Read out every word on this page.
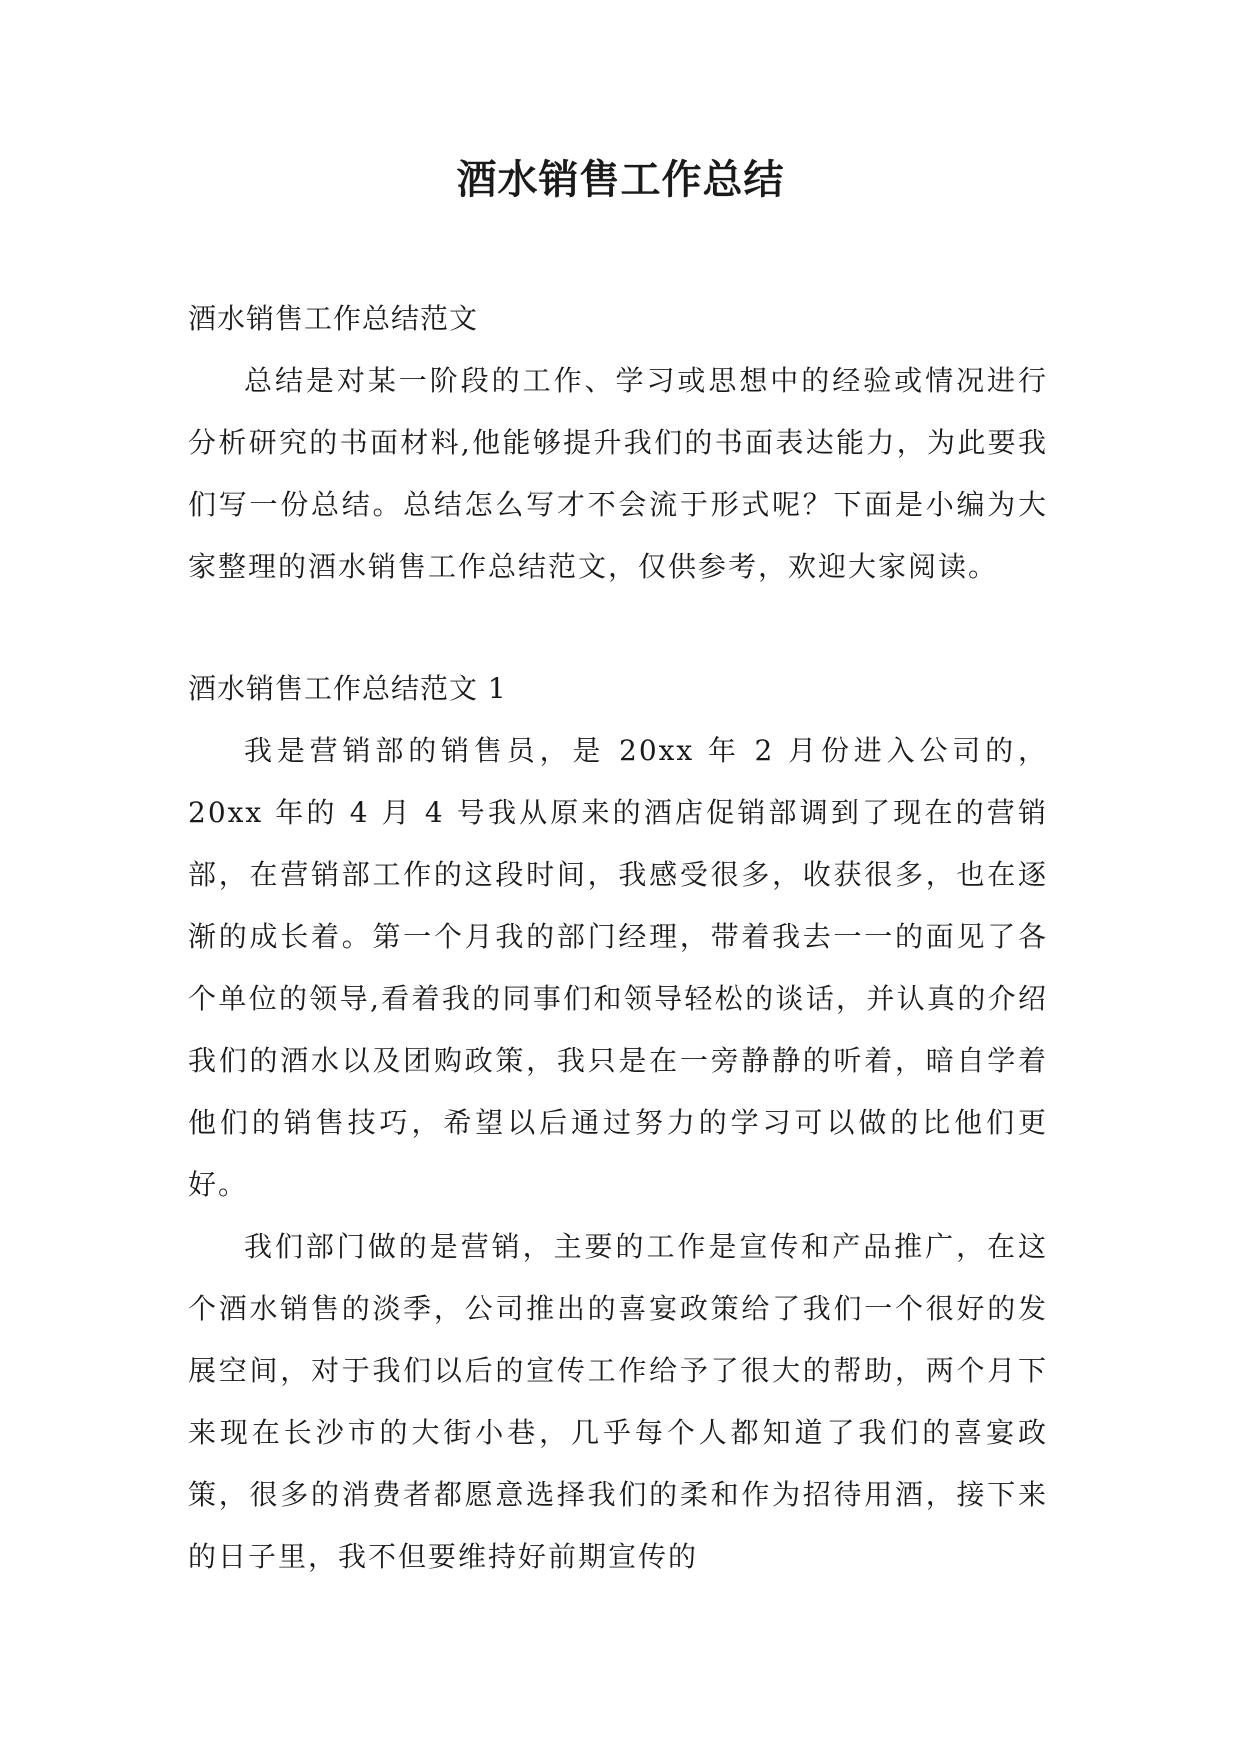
酒水销售工作总结

酒水销售工作总结范文

总结是对某一阶段的工作、学习或思想中的经验或情况进行分析研究的书面材料,他能够提升我们的书面表达能力，为此要我们写一份总结。总结怎么写才不会流于形式呢？下面是小编为大家整理的酒水销售工作总结范文，仅供参考，欢迎大家阅读。

酒水销售工作总结范文 1

我是营销部的销售员，是 20xx 年 2 月份进入公司的，20xx 年的 4 月 4 号我从原来的酒店促销部调到了现在的营销部，在营销部工作的这段时间，我感受很多，收获很多，也在逐渐的成长着。第一个月我的部门经理，带着我去一一的面见了各个单位的领导,看着我的同事们和领导轻松的谈话，并认真的介绍我们的酒水以及团购政策，我只是在一旁静静的听着，暗自学着他们的销售技巧，希望以后通过努力的学习可以做的比他们更好。

我们部门做的是营销，主要的工作是宣传和产品推广，在这个酒水销售的淡季，公司推出的喜宴政策给了我们一个很好的发展空间，对于我们以后的宣传工作给予了很大的帮助，两个月下来现在长沙市的大街小巷，几乎每个人都知道了我们的喜宴政策，很多的消费者都愿意选择我们的柔和作为招待用酒，接下来的日子里，我不但要维持好前期宣传的
